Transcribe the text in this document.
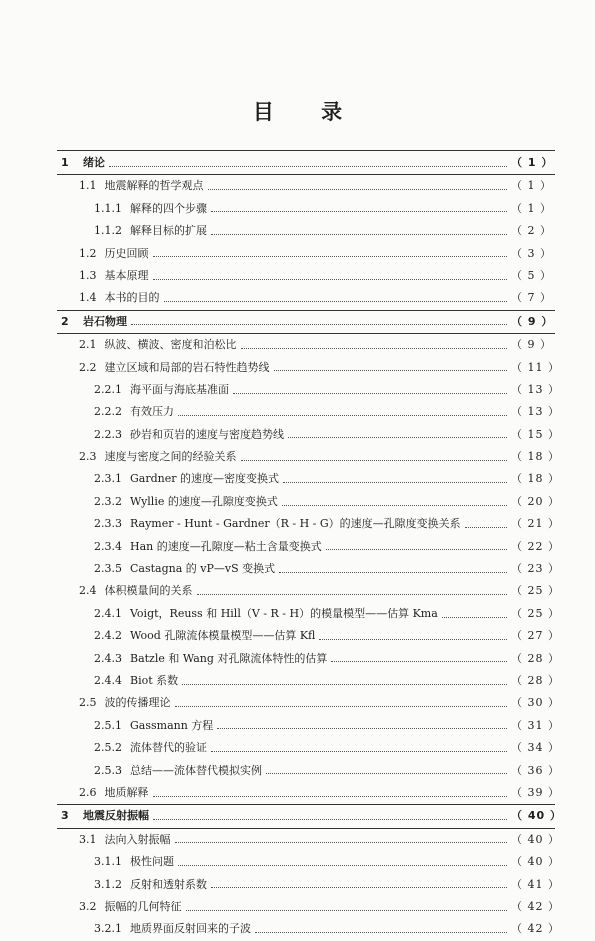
目 录
1	绪论	（ 1 ）
1.1 地震解释的哲学观点	（ 1 ）
1.1.1 解释的四个步骤	（ 1 ）
1.1.2 解释目标的扩展	（ 2 ）
1.2 历史回顾	（ 3 ）
1.3 基本原理	（ 5 ）
1.4 本书的目的	（ 7 ）
2	岩石物理	（ 9 ）
2.1 纵波、横波、密度和泊松比	（ 9 ）
2.2 建立区域和局部的岩石特性趋势线	（ 11 ）
2.2.1 海平面与海底基准面	（ 13 ）
2.2.2 有效压力	（ 13 ）
2.2.3 砂岩和页岩的速度与密度趋势线	（ 15 ）
2.3 速度与密度之间的经验关系	（ 18 ）
2.3.1 Gardner 的速度—密度变换式	（ 18 ）
2.3.2 Wyllie 的速度—孔隙度变换式	（ 20 ）
2.3.3 Raymer - Hunt - Gardner（R - H - G）的速度—孔隙度变换关系	（ 21 ）
2.3.4 Han 的速度—孔隙度—粘土含量变换式	（ 22 ）
2.3.5 Castagna 的 vP—vS 变换式	（ 23 ）
2.4 体积模量间的关系	（ 25 ）
2.4.1 Voigt，Reuss 和 Hill（V - R - H）的模量模型——估算 Kma	（ 25 ）
2.4.2 Wood 孔隙流体模量模型——估算 Kfl	（ 27 ）
2.4.3 Batzle 和 Wang 对孔隙流体特性的估算	（ 28 ）
2.4.4 Biot 系数	（ 28 ）
2.5 波的传播理论	（ 30 ）
2.5.1 Gassmann 方程	（ 31 ）
2.5.2 流体替代的验证	（ 34 ）
2.5.3 总结——流体替代模拟实例	（ 36 ）
2.6 地质解释	（ 39 ）
3	地震反射振幅	（ 40 ）
3.1 法向入射振幅	（ 40 ）
3.1.1 极性问题	（ 40 ）
3.1.2 反射和透射系数	（ 41 ）
3.2 振幅的几何特征	（ 42 ）
3.2.1 地质界面反射回来的子波	（ 42 ）
